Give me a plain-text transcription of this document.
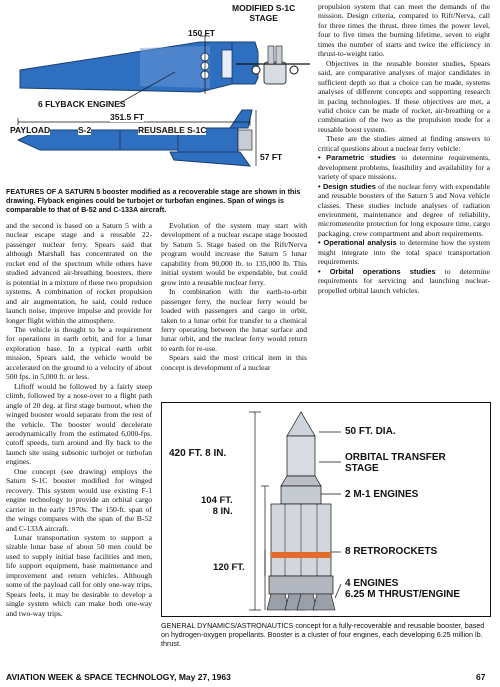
MODIFIED S-1C
STAGE
150 FT
6 FLYBACK ENGINES
351.5 FT
PAYLOAD	S-2	REUSABLE S-1C
57 FT
FEATURES OF A SATURN 5 booster modified as a recoverable stage are shown in this drawing. Flyback engines could be turbojet or turbofan engines. Span of wings is comparable to that of B-52 and C-133A aircraft.

and the second is based on a Saturn 5 with a nuclear escape stage and a reusable 22-passenger nuclear ferry. Spears said that although Marshall has concentrated on the rocket end of the spectrum while others have studied advanced air-breathing boosters, there is potential in a mixture of these two propulsion systems. A combination of rocket propulsion and air augmentation, he said, could reduce launch noise, improve impulse and provide for longer flight within the atmosphere.

The vehicle is thought to be a requirement for operations in earth orbit, and for a lunar exploration base. In a typical earth orbit mission, Spears said, the vehicle would be accelerated on the ground to a velocity of about 500 fps. in 5,000 ft. or less.

Liftoff would be followed by a fairly steep climb, followed by a nose-over to a flight path angle of 20 deg. at first stage burnout, when the winged booster would separate from the rest of the vehicle. The booster would decelerate aerodynamically from the estimated 6,000-fps. cutoff speeds, turn around and fly back to the launch site using subsonic turbojet or turbofan engines.

One concept (see drawing) employs the Saturn S-1C booster modified for winged recovery. This system would use existing F-1 engine technology to provide an orbital cargo carrier in the early 1970s. The 150-ft. span of the wings compares with the span of the B-52 and C-133A aircraft.

Lunar transportation system to support a sizable lunar base of about 50 men could be used to supply initial base facilities and men, life support equipment, base maintenance and improvement and return vehicles. Although some of the payload call for only one-way trips, Spears feels, it may be desirable to develop a single system which can make both one-way and two-way trips.

Evolution of the system may start with development of a nuclear escape stage boosted by Saturn 5. Stage based on the Rift/Nerva program would increase the Saturn 5 lunar capability from 90,000 lb. to 135,000 lb. This initial system would be expendable, but could grow into a reusable nuclear ferry.

In combination with the earth-to-orbit passenger ferry, the nuclear ferry would be loaded with passengers and cargo in orbit, taken to a lunar orbit for transfer to a chemical ferry operating between the lunar surface and lunar orbit, and the nuclear ferry would return to earth for re-use.

Spears said the most critical item in this concept is development of a nuclear

propulsion system that can meet the demands of the mission. Design criteria, compared to Rift/Nerva, call for three times the thrust, three times the power level, four to five times the burning lifetime, seven to eight times the number of starts and twice the efficiency in thrust-to-weight ratio.

Objectives in the reusable booster studies, Spears said, are comparative analyses of major candidates in sufficient depth so that a choice can be made, systems analyses of different concepts and supporting research in pacing technologies. If these objectives are met, a valid choice can be made of rocket, air-breathing or a combination of the two as the propulsion mode for a reusable boost system.

These are the studies aimed at finding answers to critical questions about a nuclear ferry vehicle:

• Parametric studies to determine requirements, development problems, feasibility and availability for a variety of space missions.

• Design studies of the nuclear ferry with expendable and reusable boosters of the Saturn 5 and Nova vehicle classes. These studies include analyses of radiation environment, maintenance and degree of reliability, micrometeorite protection for long exposure time, cargo packaging, crew compartment and abort requirements.

• Operational analysis to determine how the system might integrate into the total space transportation requirements.

• Orbital operations studies to determine requirements for servicing and launching nuclear-propelled orbital launch vehicles.

420 FT. 8 IN.
104 FT.
8 IN.
120 FT.
50 FT. DIA.
ORBITAL TRANSFER
STAGE
2 M-1 ENGINES
8 RETROROCKETS
4 ENGINES
6.25 M THRUST/ENGINE
GENERAL DYNAMICS/ASTRONAUTICS concept for a fully-recoverable and reusable booster, based on hydrogen-oxygen propellants. Booster is a cluster of four engines, each developing 6.25 million lb. thrust.
AVIATION WEEK & SPACE TECHNOLOGY, May 27, 1963	67
